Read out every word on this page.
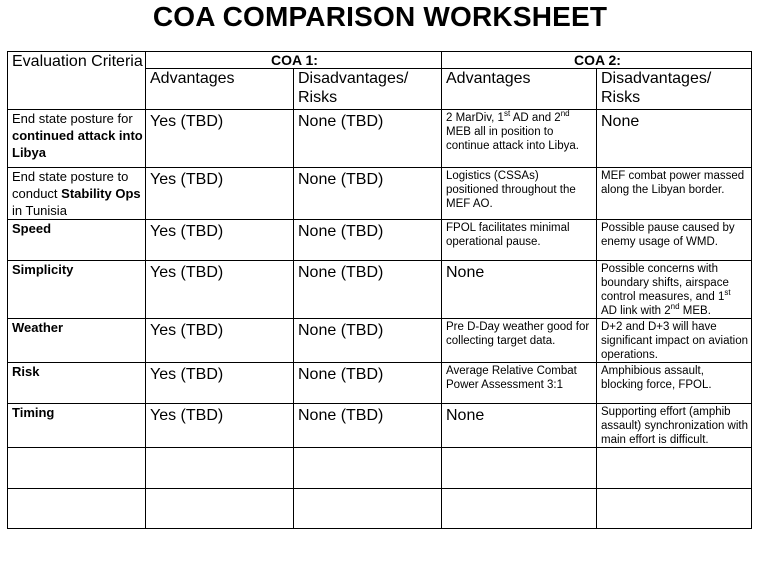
COA COMPARISON WORKSHEET
Evaluation Criteria	COA 1:		COA 2:	
	Advantages	Disadvantages/ Risks	Advantages	Disadvantages/ Risks
End state posture for continued attack into Libya	Yes (TBD)	None (TBD)	2 MarDiv, 1st AD and 2nd MEB all in position to continue attack into Libya.	None
End state posture to conduct Stability Ops in Tunisia	Yes (TBD)	None (TBD)	Logistics (CSSAs) positioned throughout the MEF AO.	MEF combat power massed along the Libyan border.
Speed	Yes (TBD)	None (TBD)	FPOL facilitates minimal operational pause.	Possible pause caused by enemy usage of WMD.
Simplicity	Yes (TBD)	None (TBD)	None	Possible concerns with boundary shifts, airspace control measures, and 1st AD link with 2nd MEB.
Weather	Yes (TBD)	None (TBD)	Pre D-Day weather good for collecting target data.	D+2 and D+3 will have significant impact on aviation operations.
Risk	Yes (TBD)	None (TBD)	Average Relative Combat Power Assessment 3:1	Amphibious assault, blocking force, FPOL.
Timing	Yes (TBD)	None (TBD)	None	Supporting effort (amphib assault) synchronization with main effort is difficult.
